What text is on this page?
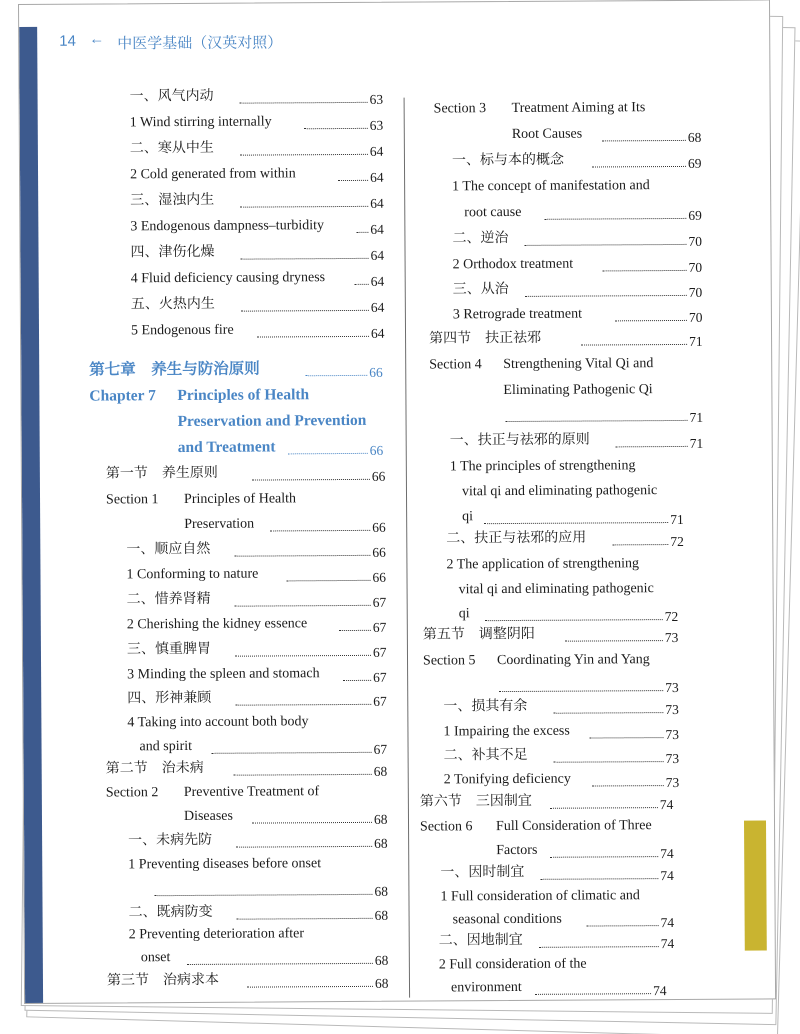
14 ← 中医学基础（汉英对照）
一、风气内动	63
1 Wind stirring internally	63
二、寒从中生	64
2 Cold generated from within	64
三、湿浊内生	64
3 Endogenous dampness–turbidity	64
四、津伤化燥	64
4 Fluid deficiency causing dryness	64
五、火热内生	64
5 Endogenous fire	64
第七章　养生与防治原则	66
Chapter 7 Principles of Health
Preservation and Prevention
and Treatment	66
第一节　养生原则	66
Section 1 Principles of Health
Preservation	66
一、顺应自然	66
1 Conforming to nature	66
二、惜养肾精	67
2 Cherishing the kidney essence	67
三、慎重脾胃	67
3 Minding the spleen and stomach	67
四、形神兼顾	67
4 Taking into account both body
and spirit	67
第二节　治未病	68
Section 2 Preventive Treatment of
Diseases	68
一、未病先防	68
1 Preventing diseases before onset
68
二、既病防变	68
2 Preventing deterioration after
onset	68
第三节　治病求本	68
Section 3 Treatment Aiming at Its
Root Causes	68
一、标与本的概念	69
1 The concept of manifestation and
root cause	69
二、逆治	70
2 Orthodox treatment	70
三、从治	70
3 Retrograde treatment	70
第四节　扶正祛邪	71
Section 4 Strengthening Vital Qi and
Eliminating Pathogenic Qi
71
一、扶正与祛邪的原则	71
1 The principles of strengthening
vital qi and eliminating pathogenic
qi	71
二、扶正与祛邪的应用	72
2 The application of strengthening
vital qi and eliminating pathogenic
qi	72
第五节　调整阴阳	73
Section 5 Coordinating Yin and Yang
73
一、损其有余	73
1 Impairing the excess	73
二、补其不足	73
2 Tonifying deficiency	73
第六节　三因制宜	74
Section 6 Full Consideration of Three
Factors	74
一、因时制宜	74
1 Full consideration of climatic and
seasonal conditions	74
二、因地制宜	74
2 Full consideration of the
environment	74
